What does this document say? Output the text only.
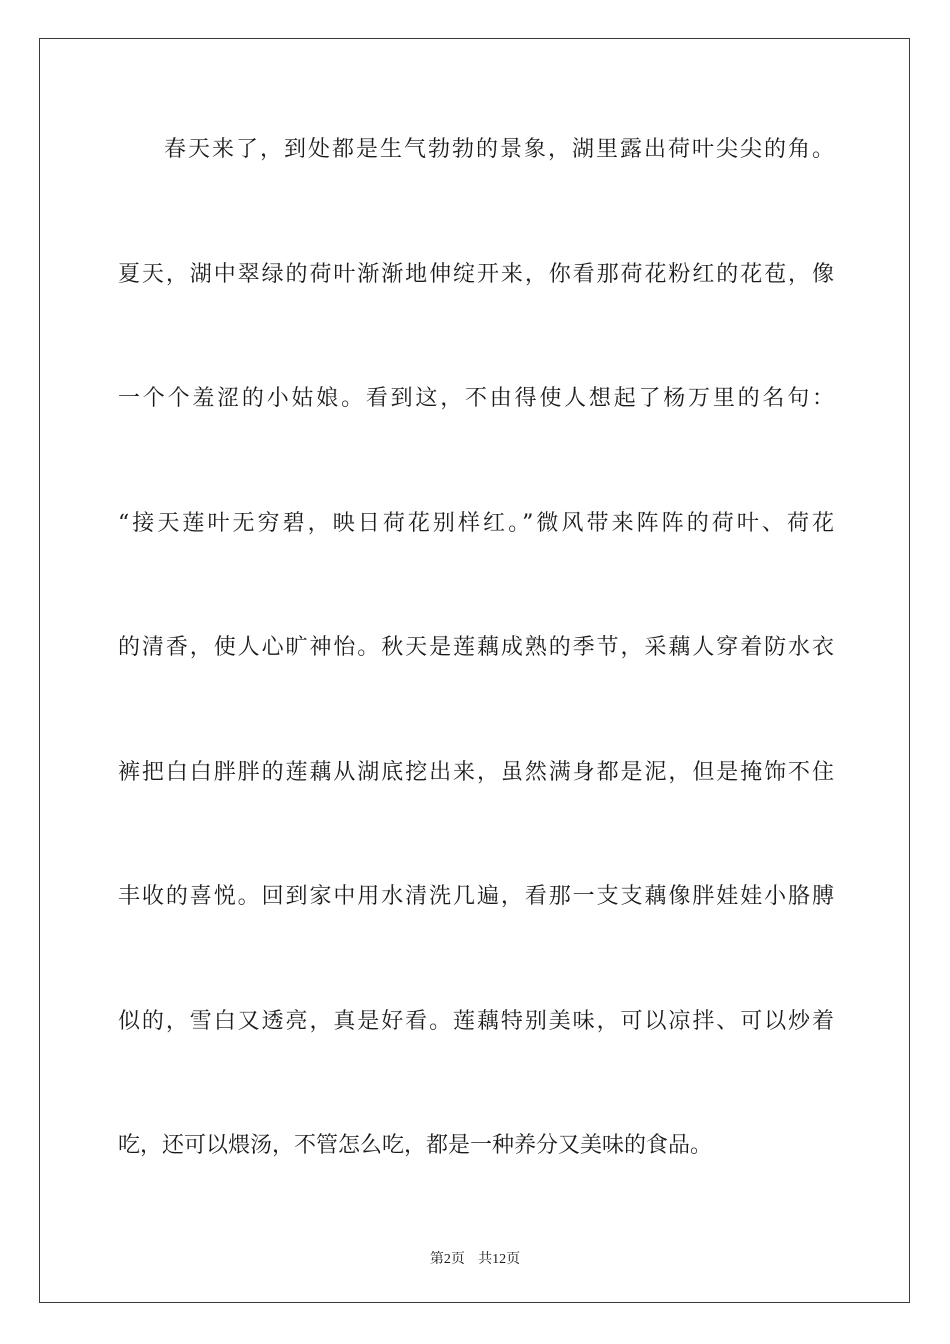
春天来了，到处都是生气勃勃的景象，湖里露出荷叶尖尖的角。
夏天，湖中翠绿的荷叶渐渐地伸绽开来，你看那荷花粉红的花苞，像
一个个羞涩的小姑娘。看到这，不由得使人想起了杨万里的名句：
“接天莲叶无穷碧，映日荷花别样红。”微风带来阵阵的荷叶、荷花
的清香，使人心旷神怡。秋天是莲藕成熟的季节，采藕人穿着防水衣
裤把白白胖胖的莲藕从湖底挖出来，虽然满身都是泥，但是掩饰不住
丰收的喜悦。回到家中用水清洗几遍，看那一支支藕像胖娃娃小胳膊
似的，雪白又透亮，真是好看。莲藕特别美味，可以凉拌、可以炒着
吃，还可以煨汤，不管怎么吃，都是一种养分又美味的食品。
第2页 共12页
